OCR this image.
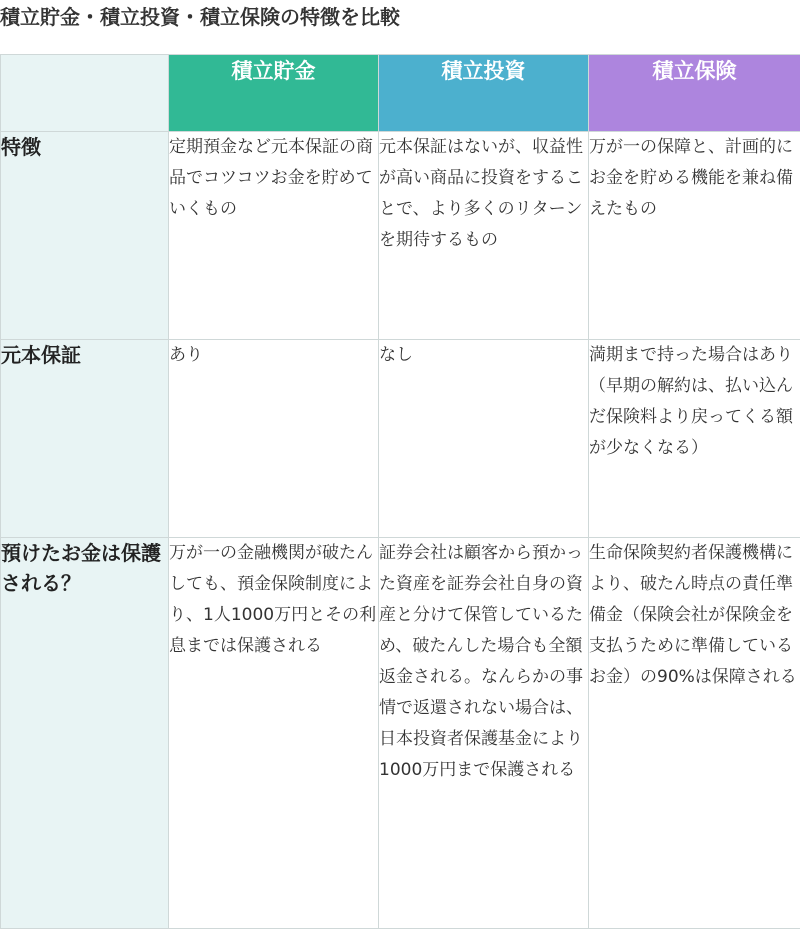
積立貯金・積立投資・積立保険の特徴を比較
	積立貯金	積立投資	積立保険
特徴	定期預金など元本保証の商品でコツコツお金を貯めていくもの	元本保証はないが、収益性が高い商品に投資をすることで、より多くのリターンを期待するもの	万が一の保障と、計画的にお金を貯める機能を兼ね備えたもの
元本保証	あり	なし	満期まで持った場合はあり（早期の解約は、払い込んだ保険料より戻ってくる額が少なくなる）
預けたお金は保護される？	万が一の金融機関が破たんしても、預金保険制度により、1人1000万円とその利息までは保護される	証券会社は顧客から預かった資産を証券会社自身の資産と分けて保管しているため、破たんした場合も全額返金される。なんらかの事情で返還されない場合は、日本投資者保護基金により1000万円まで保護される	生命保険契約者保護機構により、破たん時点の責任準備金（保険会社が保険金を支払うために準備しているお金）の90%は保障される
